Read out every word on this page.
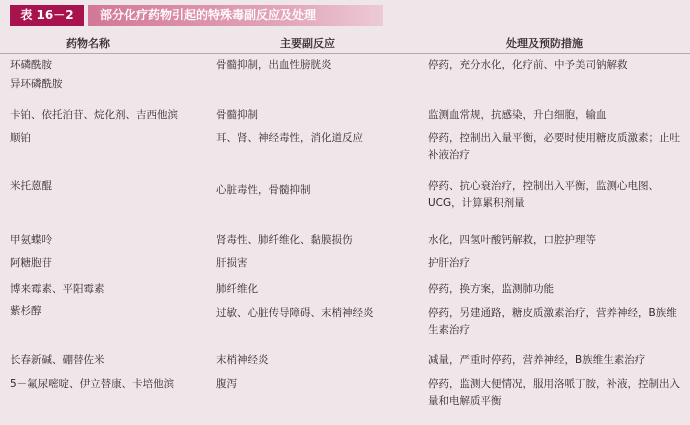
表 16－2	部分化疗药物引起的特殊毒副反应及处理
药物名称	主要副反应	处理及预防措施
环磷酰胺	骨髓抑制，出血性膀胱炎	停药，充分水化，化疗前、中予美司钠解救
异环磷酰胺
卡铂、依托泊苷、烷化剂、吉西他滨	骨髓抑制	监测血常规，抗感染，升白细胞，输血
顺铂	耳、肾、神经毒性，消化道反应	停药，控制出入量平衡，必要时使用糖皮质激素；止吐补液治疗
米托蒽醌	心脏毒性，骨髓抑制	停药、抗心衰治疗，控制出入平衡，监测心电图、UCG，计算累积剂量
甲氨蝶呤	肾毒性、肺纤维化、黏膜损伤	水化，四氢叶酸钙解救，口腔护理等
阿糖胞苷	肝损害	护肝治疗
博来霉素、平阳霉素	肺纤维化	停药，换方案，监测肺功能
紫杉醇	过敏、心脏传导障碍、末梢神经炎	停药，另建通路，糖皮质激素治疗，营养神经，B族维生素治疗
长春新碱、硼替佐米	末梢神经炎	减量，严重时停药，营养神经，B族维生素治疗
5－氟尿嘧啶、伊立替康、卡培他滨	腹泻	停药，监测大便情况，服用洛哌丁胺，补液，控制出入量和电解质平衡
